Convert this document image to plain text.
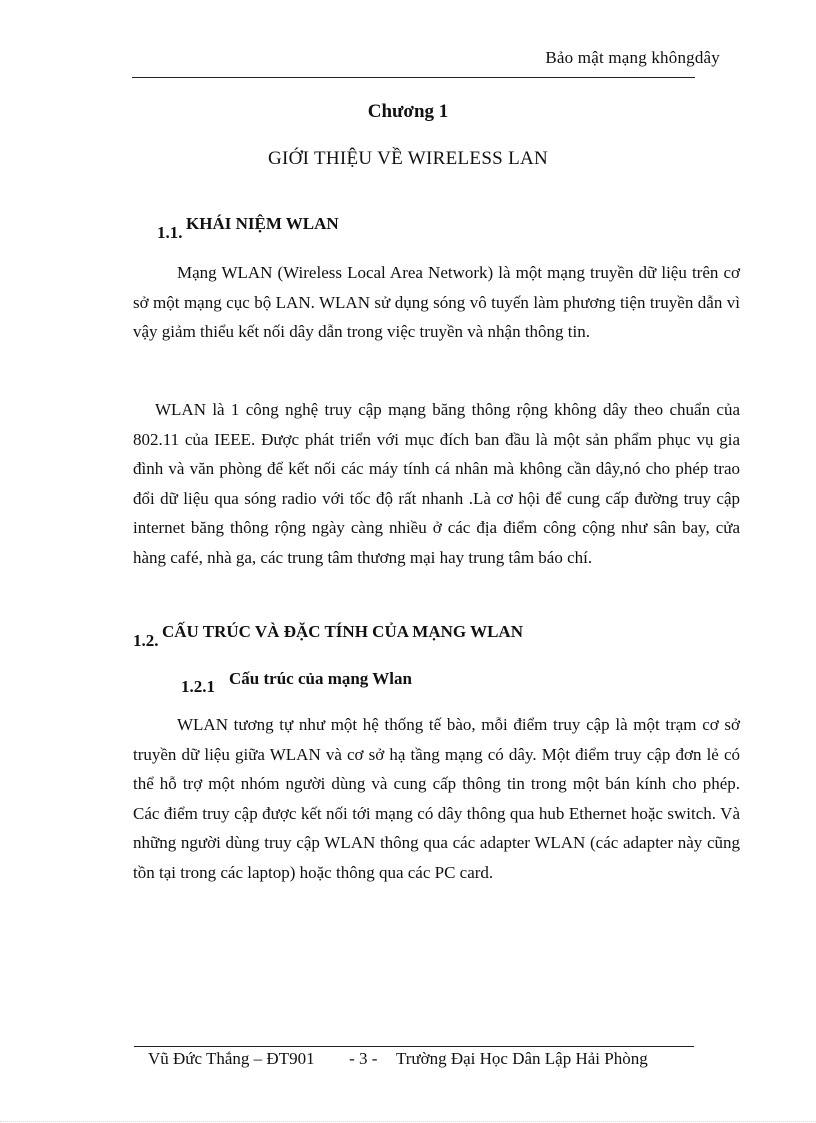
Bảo mật mạng khôngdây
Chương 1
GIỚI THIỆU VỀ WIRELESS LAN
1.1. KHÁI NIỆM WLAN

Mạng WLAN (Wireless Local Area Network) là một mạng truyền dữ liệu trên cơ sở một mạng cục bộ LAN. WLAN sử dụng sóng vô tuyến làm phương tiện truyền dẫn vì vậy giảm thiểu kết nối dây dẫn trong việc truyền và nhận thông tin.

WLAN là 1 công nghệ truy cập mạng băng thông rộng không dây theo chuẩn của 802.11 của IEEE. Được phát triển với mục đích ban đầu là một sản phẩm phục vụ gia đình và văn phòng để kết nối các máy tính cá nhân mà không cần dây,nó cho phép trao đổi dữ liệu qua sóng radio với tốc độ rất nhanh .Là cơ hội để cung cấp đường truy cập internet băng thông rộng ngày càng nhiều ở các địa điểm công cộng như sân bay, cửa hàng café, nhà ga, các trung tâm thương mại hay trung tâm báo chí.

1.2. CẤU TRÚC VÀ ĐẶC TÍNH CỦA MẠNG WLAN
1.2.1 Cấu trúc của mạng Wlan

WLAN tương tự như một hệ thống tế bào, mỗi điểm truy cập là một trạm cơ sở truyền dữ liệu giữa WLAN và cơ sở hạ tầng mạng có dây. Một điểm truy cập đơn lẻ có thể hỗ trợ một nhóm người dùng và cung cấp thông tin trong một bán kính cho phép. Các điểm truy cập được kết nối tới mạng có dây thông qua hub Ethernet hoặc switch. Và những người dùng truy cập WLAN thông qua các adapter WLAN (các adapter này cũng tồn tại trong các laptop) hoặc thông qua các PC card.

Vũ Đức Thắng – ĐT901 - 3 - Trường Đại Học Dân Lập Hải Phòng
